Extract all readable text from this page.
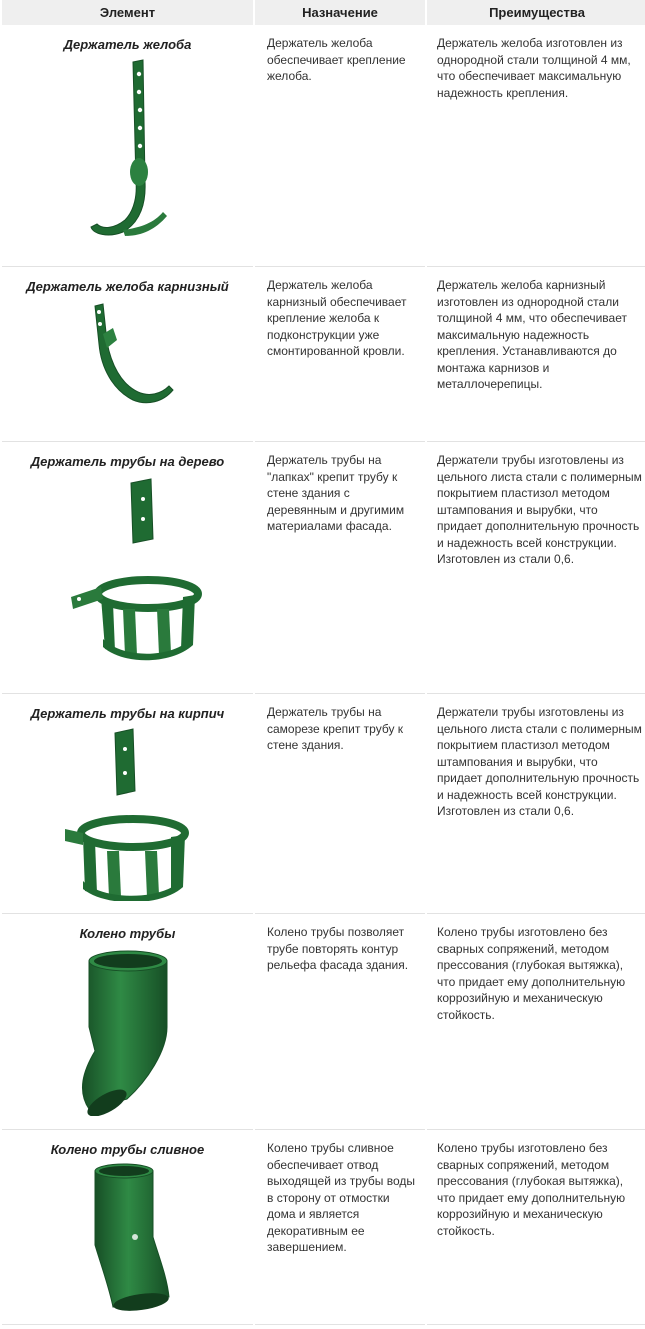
Элемент	Назначение	Преимущества

Держатель желоба	Держатель желоба обеспечивает крепление желоба.	Держатель желоба изготовлен из однородной стали толщиной 4 мм, что обеспечивает максимальную надежность крепления.

Держатель желоба карнизный	Держатель желоба карнизный обеспечивает крепление желоба к подконструкции уже смонтированной кровли.	Держатель желоба карнизный изготовлен из однородной стали толщиной 4 мм, что обеспечивает максимальную надежность крепления. Устанавливаются до монтажа карнизов и металлочерепицы.

Держатель трубы на дерево	Держатель трубы на "лапках" крепит трубу к стене здания с деревянным и другимим материалами фасада.	Держатели трубы изготовлены из цельного листа стали с полимерным покрытием пластизол методом штампования и вырубки, что придает дополнительную прочность и надежность всей конструкции. Изготовлен из стали 0,6.

Держатель трубы на кирпич	Держатель трубы на саморезе крепит трубу к стене здания.	Держатели трубы изготовлены из цельного листа стали с полимерным покрытием пластизол методом штампования и вырубки, что придает дополнительную прочность и надежность всей конструкции. Изготовлен из стали 0,6.

Колено трубы	Колено трубы позволяет трубе повторять контур рельефа фасада здания.	Колено трубы изготовлено без сварных сопряжений, методом прессования (глубокая вытяжка), что придает ему дополнительную коррозийную и механическую стойкость.

Колено трубы сливное	Колено трубы сливное обеспечивает отвод выходящей из трубы воды в сторону от отмостки дома и является декоративным ее завершением.	Колено трубы изготовлено без сварных сопряжений, методом прессования (глубокая вытяжка), что придает ему дополнительную коррозийную и механическую стойкость.
